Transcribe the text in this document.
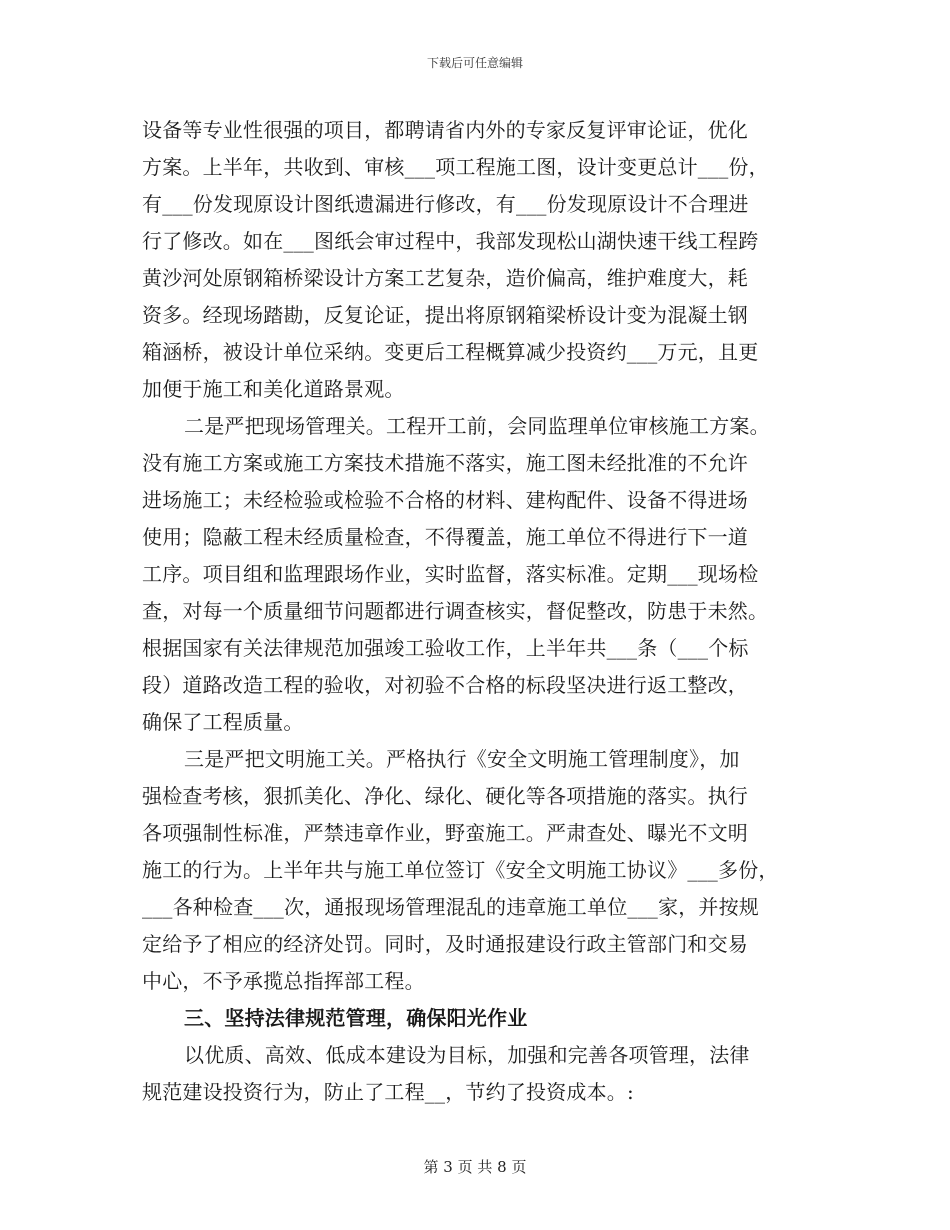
下载后可任意编辑
设备等专业性很强的项目，都聘请省内外的专家反复评审论证，优化
方案。上半年，共收到、审核___项工程施工图，设计变更总计___份，
有___份发现原设计图纸遗漏进行修改，有___份发现原设计不合理进
行了修改。如在___图纸会审过程中，我部发现松山湖快速干线工程跨
黄沙河处原钢箱桥梁设计方案工艺复杂，造价偏高，维护难度大，耗
资多。经现场踏勘，反复论证，提出将原钢箱梁桥设计变为混凝土钢
箱涵桥，被设计单位采纳。变更后工程概算减少投资约___万元，且更
加便于施工和美化道路景观。
二是严把现场管理关。工程开工前，会同监理单位审核施工方案。
没有施工方案或施工方案技术措施不落实，施工图未经批准的不允许
进场施工；未经检验或检验不合格的材料、建构配件、设备不得进场
使用；隐蔽工程未经质量检查，不得覆盖，施工单位不得进行下一道
工序。项目组和监理跟场作业，实时监督，落实标准。定期___现场检
查，对每一个质量细节问题都进行调查核实，督促整改，防患于未然。
根据国家有关法律规范加强竣工验收工作，上半年共___条（___个标
段）道路改造工程的验收，对初验不合格的标段坚决进行返工整改，
确保了工程质量。
三是严把文明施工关。严格执行《安全文明施工管理制度》，加
强检查考核，狠抓美化、净化、绿化、硬化等各项措施的落实。执行
各项强制性标准，严禁违章作业，野蛮施工。严肃查处、曝光不文明
施工的行为。上半年共与施工单位签订《安全文明施工协议》___多份，
___各种检查___次，通报现场管理混乱的违章施工单位___家，并按规
定给予了相应的经济处罚。同时，及时通报建设行政主管部门和交易
中心，不予承揽总指挥部工程。
三、坚持法律规范管理，确保阳光作业
以优质、高效、低成本建设为目标，加强和完善各项管理，法律
规范建设投资行为，防止了工程__，节约了投资成本。:
第 3 页 共 8 页
